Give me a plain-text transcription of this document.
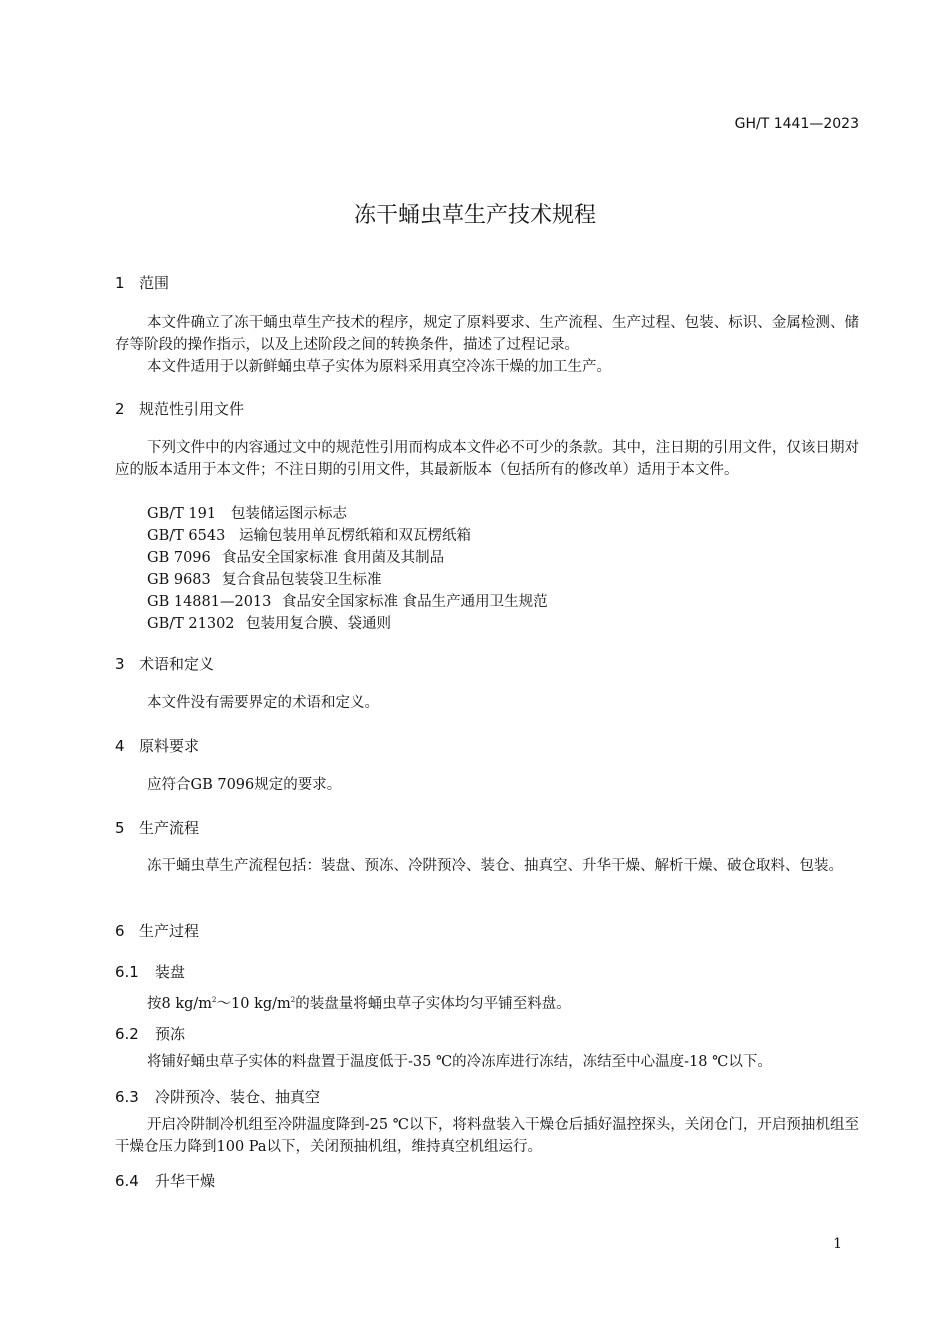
GH/T 1441—2023
冻干蛹虫草生产技术规程
1 范围
本文件确立了冻干蛹虫草生产技术的程序，规定了原料要求、生产流程、生产过程、包装、标识、金属检测、储存等阶段的操作指示，以及上述阶段之间的转换条件，描述了过程记录。
本文件适用于以新鲜蛹虫草子实体为原料采用真空冷冻干燥的加工生产。
2 规范性引用文件
下列文件中的内容通过文中的规范性引用而构成本文件必不可少的条款。其中，注日期的引用文件，仅该日期对应的版本适用于本文件；不注日期的引用文件，其最新版本（包括所有的修改单）适用于本文件。
GB/T 191 包装储运图示标志
GB/T 6543 运输包装用单瓦楞纸箱和双瓦楞纸箱
GB 7096 食品安全国家标准 食用菌及其制品
GB 9683 复合食品包装袋卫生标准
GB 14881—2013 食品安全国家标准 食品生产通用卫生规范
GB/T 21302 包装用复合膜、袋通则
3 术语和定义
本文件没有需要界定的术语和定义。
4 原料要求
应符合GB 7096规定的要求。
5 生产流程
冻干蛹虫草生产流程包括：装盘、预冻、冷阱预冷、装仓、抽真空、升华干燥、解析干燥、破仓取料、包装。
6 生产过程
6.1 装盘
按8 $kg/m^2\sim 10$ $kg/m^2$的装盘量将蛹虫草子实体均匀平铺至料盘。
6.2 预冻
将铺好蛹虫草子实体的料盘置于温度低于-35 ℃的冷冻库进行冻结，冻结至中心温度-18 ℃以下。
6.3 冷阱预冷、装仓、抽真空
开启冷阱制冷机组至冷阱温度降到-25 ℃以下，将料盘装入干燥仓后插好温控探头，关闭仓门，开启预抽机组至干燥仓压力降到100 Pa以下，关闭预抽机组，维持真空机组运行。
6.4 升华干燥
1
